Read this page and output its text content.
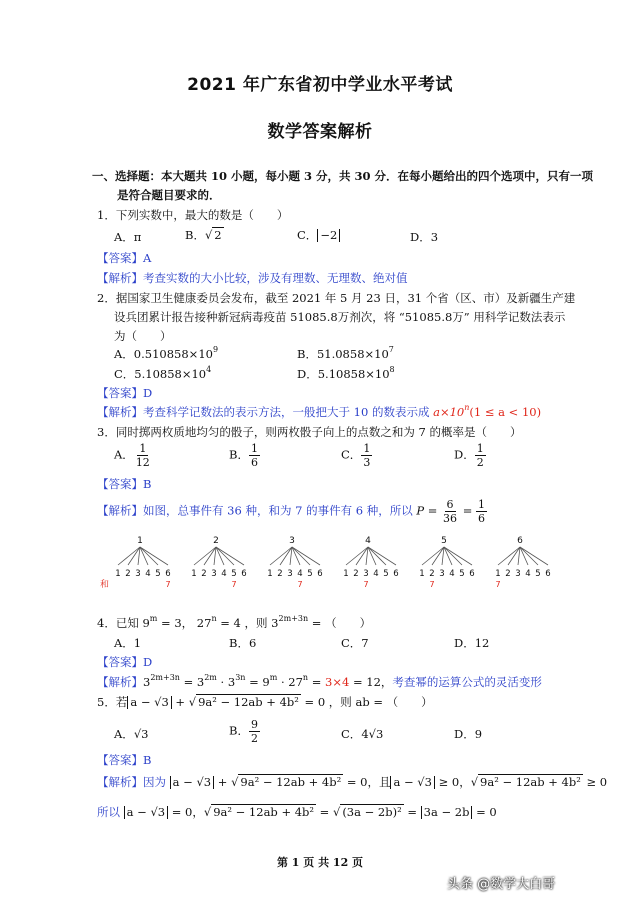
2021 年广东省初中学业水平考试
数学答案解析
一、选择题：本大题共 10 小题，每小题 3 分，共 30 分．在每小题给出的四个选项中，只有一项
是符合题目要求的．
1．下列实数中，最大的数是（　　）
A．π	B．√ 2	C． −2	D．3
【答案】A
【解析】考查实数的大小比较，涉及有理数、无理数、绝对值
2．据国家卫生健康委员会发布，截至 2021 年 5 月 23 日，31 个省（区、市）及新疆生产建
设兵团累计报告接种新冠病毒疫苗 51085.8万剂次，将 “51085.8万” 用科学记数法表示
为（　　）
A．$0.510858\times 10^9$	B．$51.0858\times 10^7$
C．$5.10858\times 10^4$	D．$5.10858\times 10^8$
【答案】D
【解析】考查科学记数法的表示方法，一般把大于 10 的数表示成 $a\times 10^n(1 \le a < 10)$
3．同时掷两枚质地均匀的骰子，则两枚骰子向上的点数之和为 7 的概率是（　　）
A． $\frac{1}{12}$	B． $\frac{1}{6}$	C． $\frac{1}{3}$	D． $\frac{1}{2}$
【答案】B
【解析】如图，总事件有 36 种，和为 7 的事件有 6 种，所以 $P = \frac{6}{36} = \frac{1}{6}$
1
1 2 3 4 5 6
7
2
1 2 3 4 5
7
6
3
1 2 3 4
7
5 6
4
1 2 3
7
4 5 6
5
1 2
7
3 4 5 6
6
1
7
2 3 4 5 6
和
4．已知 $9^m = 3$， $27^n = 4$ ，则 $3^{2m+3n}$ = （　　）
A．1	B．6	C．7	D．12
【答案】D
【解析】$3^{2m+3n} = 3^{2m} \cdot 3^{3n} = 9^m \cdot 27^n = 3\times 4 = 12$，考查幂的运算公式的灵活变形
5．若 a − √3 + √ 9a² − 12ab + 4b² = 0 ，则 ab = （　　）
A．√3	B． $\frac{9}{2}$	C．4√3	D．9
【答案】B
【解析】因为 a − √3 + √ 9a² − 12ab + 4b² = 0，且 a − √3 ≥ 0，√ 9a² − 12ab + 4b² ≥ 0
所以 a − √3 = 0，√ 9a² − 12ab + 4b² = √ (3a − 2b)² = 3a − 2b = 0
第 1 页 共 12 页
头条 @数学大白哥
